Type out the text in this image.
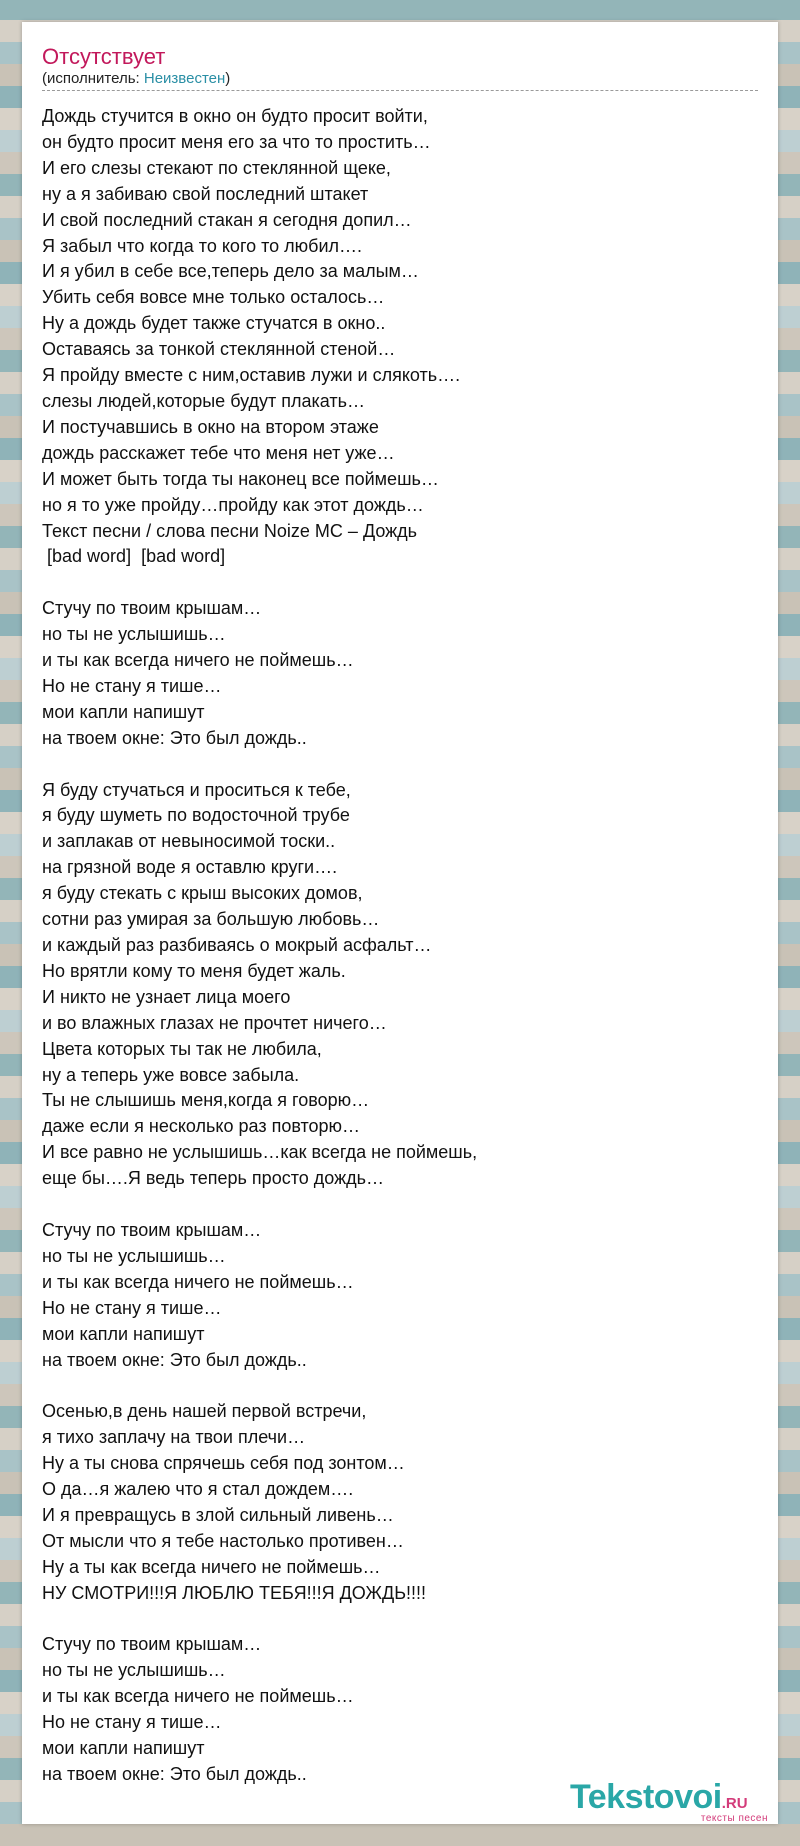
Отсутствует
(исполнитель: Неизвестен)
Дождь стучится в окно он будто просит войти,
он будто просит меня его за что то простить…
И его слезы стекают по стеклянной щеке,
ну а я забиваю свой последний штакет
И свой последний стакан я сегодня допил…
Я забыл что когда то кого то любил….
И я убил в себе все,теперь дело за малым…
Убить себя вовсе мне только осталось…
Ну а дождь будет также стучатся в окно..
Оставаясь за тонкой стеклянной стеной…
Я пройду вместе с ним,оставив лужи и слякоть….
слезы людей,которые будут плакать…
И постучавшись в окно на втором этаже
дождь расскажет тебе что меня нет уже…
И может быть тогда ты наконец все поймешь…
но я то уже пройду…пройду как этот дождь…
Текст песни / слова песни Noize MC – Дождь
[bad word]  [bad word]

Стучу по твоим крышам…
но ты не услышишь…
и ты как всегда ничего не поймешь…
Но не стану я тише…
мои капли напишут
на твоем окне: Это был дождь..

Я буду стучаться и проситься к тебе,
я буду шуметь по водосточной трубе
и заплакав от невыносимой тоски..
на грязной воде я оставлю круги….
я буду стекать с крыш высоких домов,
сотни раз умирая за большую любовь…
и каждый раз разбиваясь о мокрый асфальт…
Но врятли кому то меня будет жаль.
И никто не узнает лица моего
и во влажных глазах не прочтет ничего…
Цвета которых ты так не любила,
ну а теперь уже вовсе забыла.
Ты не слышишь меня,когда я говорю…
даже если я несколько раз повторю…
И все равно не услышишь…как всегда не поймешь,
еще бы….Я ведь теперь просто дождь…

Стучу по твоим крышам…
но ты не услышишь…
и ты как всегда ничего не поймешь…
Но не стану я тише…
мои капли напишут
на твоем окне: Это был дождь..

Осенью,в день нашей первой встречи,
я тихо заплачу на твои плечи…
Ну а ты снова спрячешь себя под зонтом…
О да…я жалею что я стал дождем….
И я превращусь в злой сильный ливень…
От мысли что я тебе настолько противен…
Ну а ты как всегда ничего не поймешь…
НУ СМОТРИ!!!Я ЛЮБЛЮ ТЕБЯ!!!Я ДОЖДЬ!!!!

Стучу по твоим крышам…
но ты не услышишь…
и ты как всегда ничего не поймешь…
Но не стану я тише…
мои капли напишут
на твоем окне: Это был дождь..
Tekstovoi.RU
тексты песен
